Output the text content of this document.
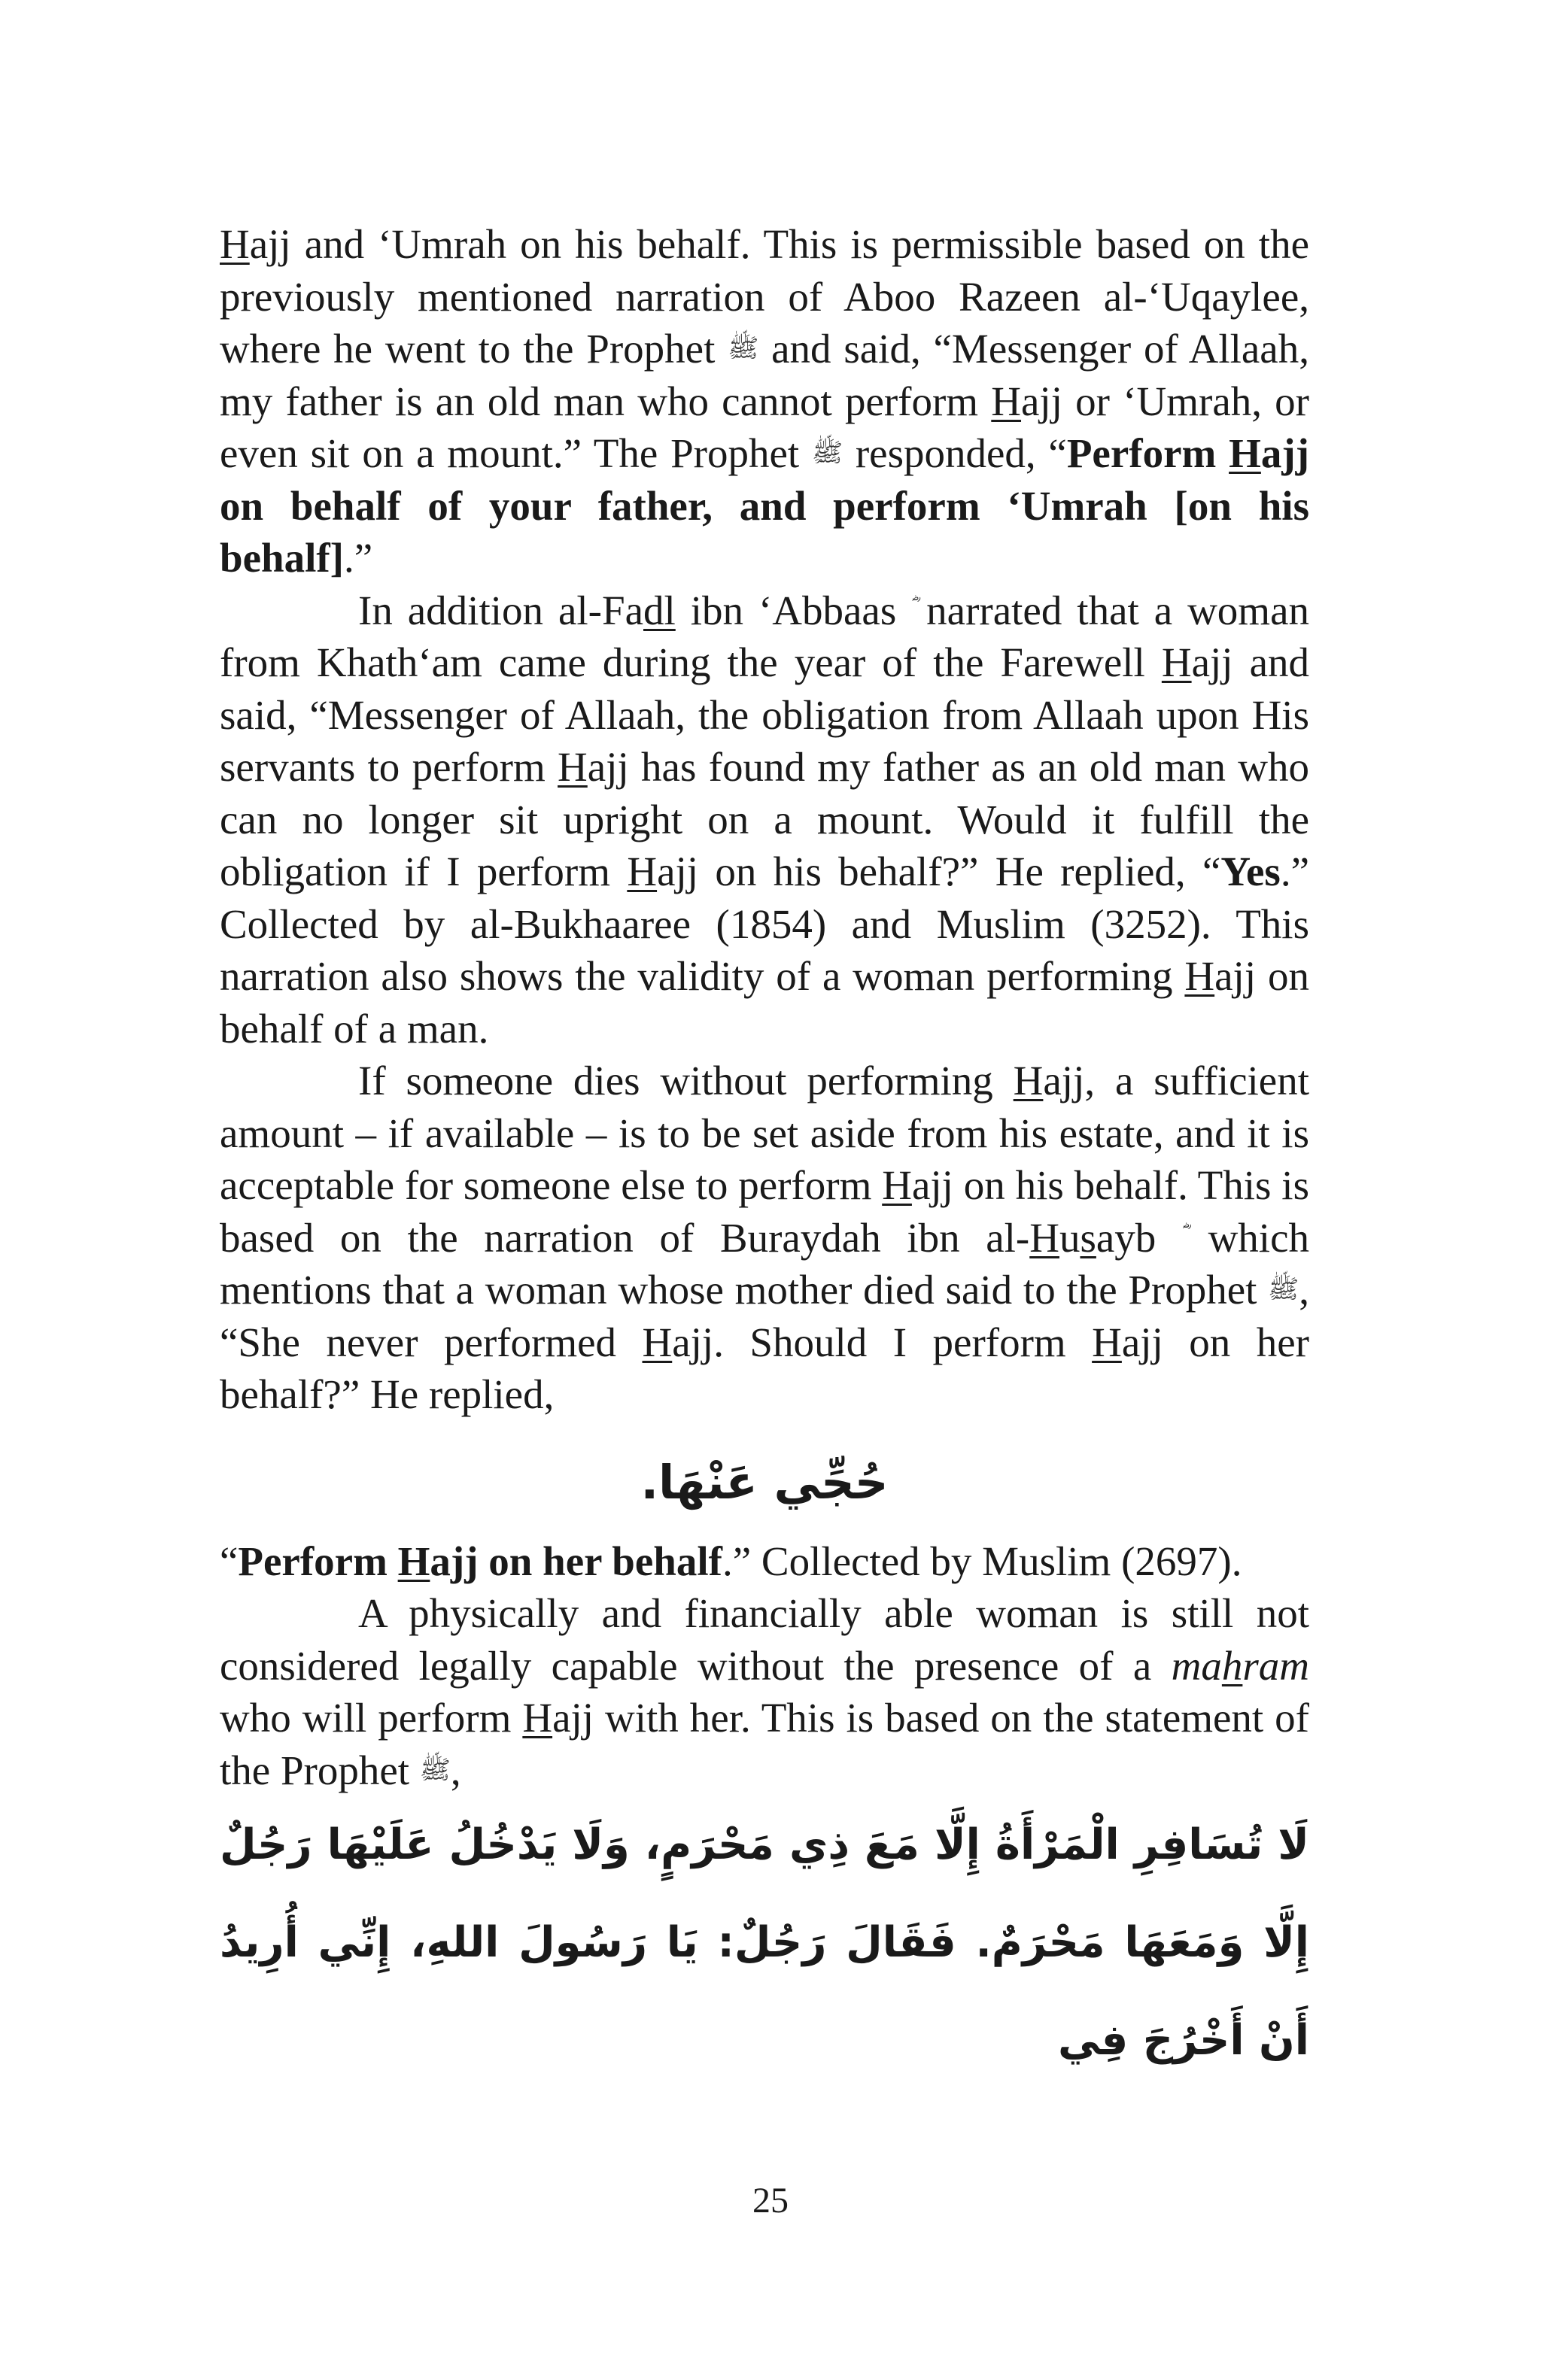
Hajj and ‘Umrah on his behalf. This is permissible based on the previously mentioned narration of Aboo Razeen al-‘Uqaylee, where he went to the Prophet ﷺ and said, “Messenger of Allaah, my father is an old man who cannot perform Hajj or ‘Umrah, or even sit on a mount.” The Prophet ﷺ responded, “Perform Hajj on behalf of your father, and perform ‘Umrah [on his behalf].”

In addition al-Fadl ibn ‘Abbaas narrated that a woman from Khath‘am came during the year of the Farewell Hajj and said, “Messenger of Allaah, the obligation from Allaah upon His servants to perform Hajj has found my father as an old man who can no longer sit upright on a mount. Would it fulfill the obligation if I perform Hajj on his behalf?” He replied, “Yes.” Collected by al-Bukhaaree (1854) and Muslim (3252). This narration also shows the validity of a woman performing Hajj on behalf of a man.

If someone dies without performing Hajj, a sufficient amount – if available – is to be set aside from his estate, and it is acceptable for someone else to perform Hajj on his behalf. This is based on the narration of Buraydah ibn al-Husayb which mentions that a woman whose mother died said to the Prophet ﷺ, “She never performed Hajj. Should I perform Hajj on her behalf?” He replied,

حُجِّي عَنْهَا.

“Perform Hajj on her behalf.” Collected by Muslim (2697).

A physically and financially able woman is still not considered legally capable without the presence of a mahram who will perform Hajj with her. This is based on the statement of the Prophet ﷺ,

لَا تُسَافِرِ الْمَرْأَةُ إِلَّا مَعَ ذِي مَحْرَمٍ، وَلَا يَدْخُلُ عَلَيْهَا رَجُلٌ إِلَّا وَمَعَهَا مَحْرَمٌ. فَقَالَ رَجُلٌ: يَا رَسُولَ اللهِ، إِنِّي أُرِيدُ أَنْ أَخْرُجَ فِي

25
